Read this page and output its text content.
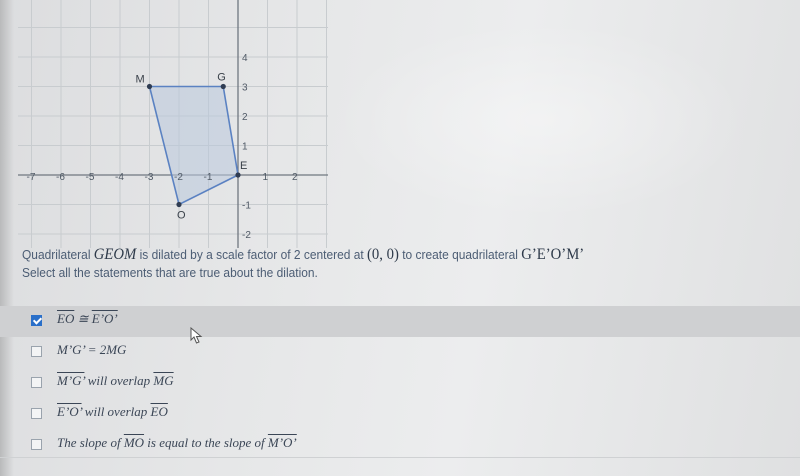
M	G
E
O
-7 -6 -5 -4 -3 -2 -1	1 2
4
3
2
1
-1
-2
Quadrilateral GEOM is dilated by a scale factor of 2 centered at (0, 0) to create quadrilateral G’E’O’M’
Select all the statements that are true about the dilation.
$\overline{EO}$ ≅ E’O’
M’G’ = 2MG
M’G’ will overlap $\overline{MG}$
E’O’ will overlap $\overline{EO}$
The slope of $\overline{MO}$ is equal to the slope of M’O’
